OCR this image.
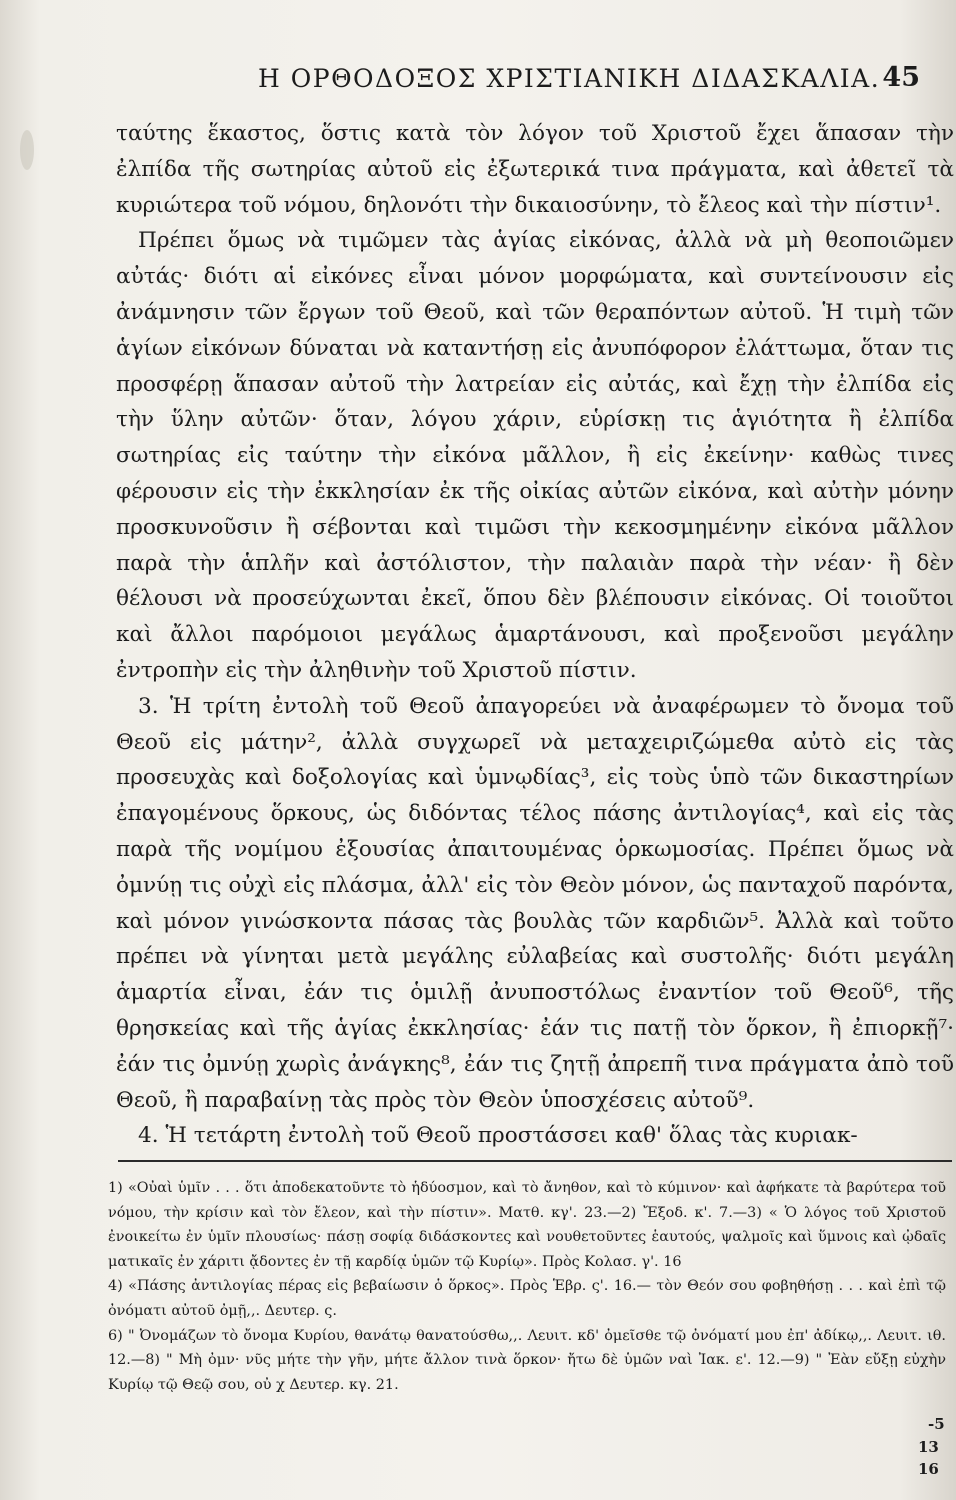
Η ΟΡΘΟΔΟΞΟΣ ΧΡΙΣΤΙΑΝΙΚΗ ΔΙΔΑΣΚΑΛΙΑ. 45

ταύτης ἕκαστος, ὅστις κατὰ τὸν λόγον τοῦ Χριστοῦ ἔχει ἅπασαν τὴν ἐλπίδα τῆς σωτηρίας αὐτοῦ εἰς ἐξωτερικά τινα πράγματα, καὶ ἀθετεῖ τὰ κυριώτερα τοῦ νόμου, δηλονότι τὴν δικαιοσύνην, τὸ ἔλεος καὶ τὴν πίστιν¹.

Πρέπει ὅμως νὰ τιμῶμεν τὰς ἁγίας εἰκόνας, ἀλλὰ νὰ μὴ θεοποιῶμεν αὐτάς· διότι αἱ εἰκόνες εἶναι μόνον μορφώματα, καὶ συντείνουσιν εἰς ἀνάμνησιν τῶν ἔργων τοῦ Θεοῦ, καὶ τῶν θεραπόντων αὐτοῦ. Ἡ τιμὴ τῶν ἁγίων εἰκόνων δύναται νὰ καταντήσῃ εἰς ἀνυπόφορον ἐλάττωμα, ὅταν τις προσφέρῃ ἅπασαν αὐτοῦ τὴν λατρείαν εἰς αὐτάς, καὶ ἔχῃ τὴν ἐλπίδα εἰς τὴν ὕλην αὐτῶν· ὅταν, λόγου χάριν, εὑρίσκῃ τις ἁγιότητα ἢ ἐλπίδα σωτηρίας εἰς ταύτην τὴν εἰκόνα μᾶλλον, ἢ εἰς ἐκείνην· καθὼς τινες φέρουσιν εἰς τὴν ἐκκλησίαν ἐκ τῆς οἰκίας αὐτῶν εἰκόνα, καὶ αὐτὴν μόνην προσκυνοῦσιν ἢ σέβονται καὶ τιμῶσι τὴν κεκοσμημένην εἰκόνα μᾶλλον παρὰ τὴν ἁπλῆν καὶ ἀστόλιστον, τὴν παλαιὰν παρὰ τὴν νέαν· ἢ δὲν θέλουσι νὰ προσεύχωνται ἐκεῖ, ὅπου δὲν βλέπουσιν εἰκόνας. Οἱ τοιοῦτοι καὶ ἄλλοι παρόμοιοι μεγάλως ἁμαρτάνουσι, καὶ προξενοῦσι μεγάλην ἐντροπὴν εἰς τὴν ἀληθινὴν τοῦ Χριστοῦ πίστιν.

3. Ἡ τρίτη ἐντολὴ τοῦ Θεοῦ ἀπαγορεύει νὰ ἀναφέρωμεν τὸ ὄνομα τοῦ Θεοῦ εἰς μάτην², ἀλλὰ συγχωρεῖ νὰ μεταχειριζώμεθα αὐτὸ εἰς τὰς προσευχὰς καὶ δοξολογίας καὶ ὑμνῳδίας³, εἰς τοὺς ὑπὸ τῶν δικαστηρίων ἐπαγομένους ὅρκους, ὡς διδόντας τέλος πάσης ἀντιλογίας⁴, καὶ εἰς τὰς παρὰ τῆς νομίμου ἐξουσίας ἀπαιτουμένας ὁρκωμοσίας. Πρέπει ὅμως νὰ ὀμνύῃ τις οὐχὶ εἰς πλάσμα, ἀλλ' εἰς τὸν Θεὸν μόνον, ὡς πανταχοῦ παρόντα, καὶ μόνον γινώσκοντα πάσας τὰς βουλὰς τῶν καρδιῶν⁵. Ἀλλὰ καὶ τοῦτο πρέπει νὰ γίνηται μετὰ μεγάλης εὐλαβείας καὶ συστολῆς· διότι μεγάλη ἁμαρτία εἶναι, ἐάν τις ὁμιλῇ ἀνυποστόλως ἐναντίον τοῦ Θεοῦ⁶, τῆς θρησκείας καὶ τῆς ἁγίας ἐκκλησίας· ἐάν τις πατῇ τὸν ὅρκον, ἢ ἐπιορκῇ⁷· ἐάν τις ὀμνύῃ χωρὶς ἀνάγκης⁸, ἐάν τις ζητῇ ἀπρεπῆ τινα πράγματα ἀπὸ τοῦ Θεοῦ, ἢ παραβαίνῃ τὰς πρὸς τὸν Θεὸν ὑποσχέσεις αὐτοῦ⁹.

4. Ἡ τετάρτη ἐντολὴ τοῦ Θεοῦ προστάσσει καθ' ὅλας τὰς κυριακ-

1) «Οὐαὶ ὑμῖν . . . ὅτι ἀποδεκατοῦντε τὸ ἡδύοσμον, καὶ τὸ ἄνηθον, καὶ τὸ κύμινον· καὶ ἀφήκατε τὰ βαρύτερα τοῦ νόμου, τὴν κρίσιν καὶ τὸν ἔλεον, καὶ τὴν πίστιν». Ματθ. κγ'. 23.—2) Ἔξοδ. κ'. 7.—3) « Ὁ λόγος τοῦ Χριστοῦ ἐνοικείτω ἐν ὑμῖν πλουσίως· πάσῃ σοφίᾳ διδάσκοντες καὶ νουθετοῦντες ἑαυτούς, ψαλμοῖς καὶ ὕμνοις καὶ ᾠδαῖς ματικαῖς ἐν χάριτι ᾄδοντες ἐν τῇ καρδίᾳ ὑμῶν τῷ Κυρίῳ». Πρὸς Κολασ. γ'. 16

4) «Πάσης ἀντιλογίας πέρας εἰς βεβαίωσιν ὁ ὅρκος». Πρὸς Ἑβρ. ς'. 16.— τὸν Θεόν σου φοβηθήσῃ . . . καὶ ἐπὶ τῷ ὀνόματι αὐτοῦ ὀμῇ,,. Δευτερ. ς.

6) " Ὀνομάζων τὸ ὄνομα Κυρίου, θανάτῳ θανατούσθω,,. Λευιτ. κδ' ὀμεῖσθε τῷ ὀνόματί μου ἐπ' ἀδίκῳ,,. Λευιτ. ιθ. 12.—8) " Μὴ ὀμν· νῦς μήτε τὴν γῆν, μήτε ἄλλον τινὰ ὅρκον· ἤτω δὲ ὑμῶν ναὶ Ἰακ. ε'. 12.—9) " Ἐὰν εὔξῃ εὐχὴν Κυρίῳ τῷ Θεῷ σου, οὐ χ Δευτερ. κγ. 21.

-5
13
16
